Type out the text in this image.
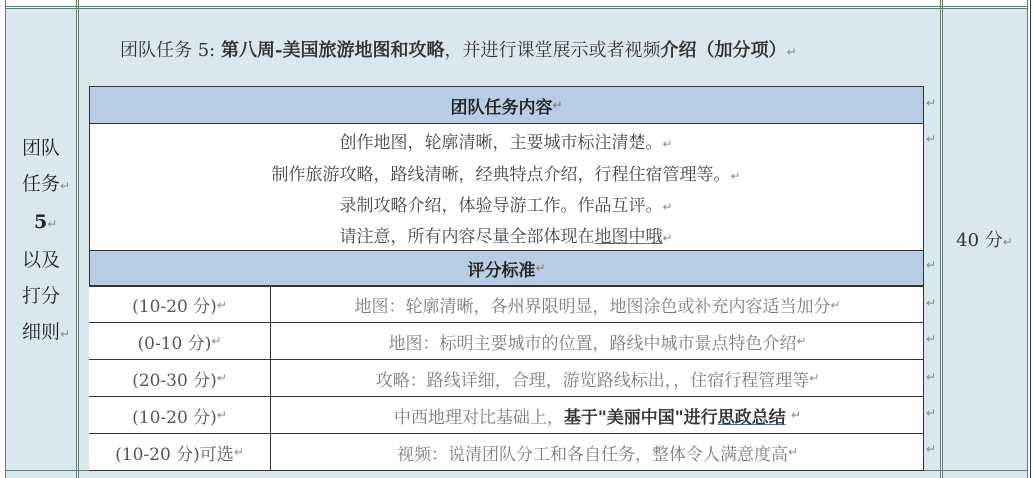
团队
任务↵
5↵
以及
打分
细则↵
团队任务 5: 第八周-美国旅游地图和攻略，并进行课堂展示或者视频介绍（加分项）↵
团队任务内容 ↵
创作地图，轮廓清晰，主要城市标注清楚。↵
制作旅游攻略，路线清晰，经典特点介绍，行程住宿管理等。↵
录制攻略介绍，体验导游工作。作品互评。↵
请注意，所有内容尽量全部体现在地图中哦↵
↵
↵
↵
↵
↵
↵
↵
↵
评分标准 ↵
(10-20 分) ↵	地图：轮廓清晰，各州界限明显，地图涂色或补充内容适当加分 ↵
(0-10 分) ↵	地图：标明主要城市的位置，路线中城市景点特色介绍 ↵
(20-30 分) ↵	攻略：路线详细，合理，游览路线标出，，住宿行程管理等 ↵
(10-20 分) ↵	中西地理对比基础上， 基于"美丽中国"进行 思政总结
↵
(10-20 分)可选 ↵	视频：说清团队分工和各自任务，整体令人满意度高 ↵
40 分↵
